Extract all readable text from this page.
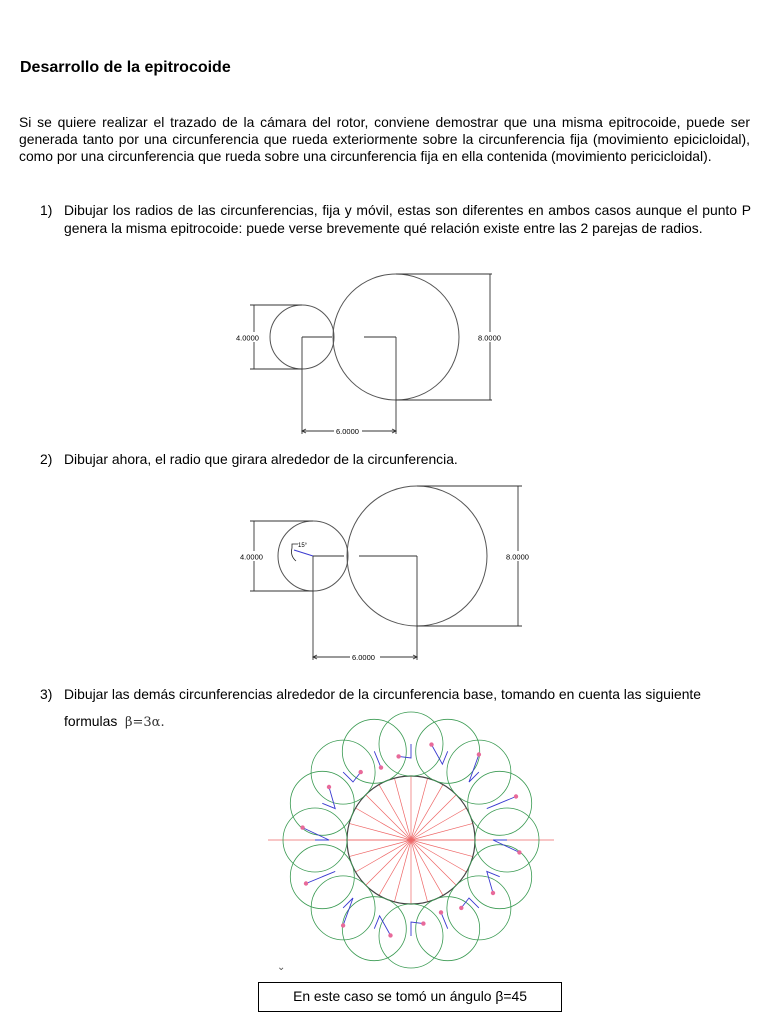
Desarrollo de la epitrocoide
Si se quiere realizar el trazado de la cámara del rotor, conviene demostrar que una misma epitrocoide, puede ser generada tanto por una circunferencia que rueda exteriormente sobre la circunferencia fija (movimiento epicicloidal), como por una circunferencia que rueda sobre una circunferencia fija en ella contenida (movimiento pericicloidal).
1) Dibujar los radios de las circunferencias, fija y móvil, estas son diferentes en ambos casos aunque el punto P genera la misma epitrocoide: puede verse brevemente qué relación existe entre las 2 parejas de radios.
4.0000	8.0000
6.0000
2) Dibujar ahora, el radio que girara alrededor de la circunferencia.
15°
4.0000	8.0000
6.0000
3) Dibujar las demás circunferencias alrededor de la circunferencia base, tomando en cuenta las siguiente
formulas β=3α.
⌄
En este caso se tomó un ángulo β=45
